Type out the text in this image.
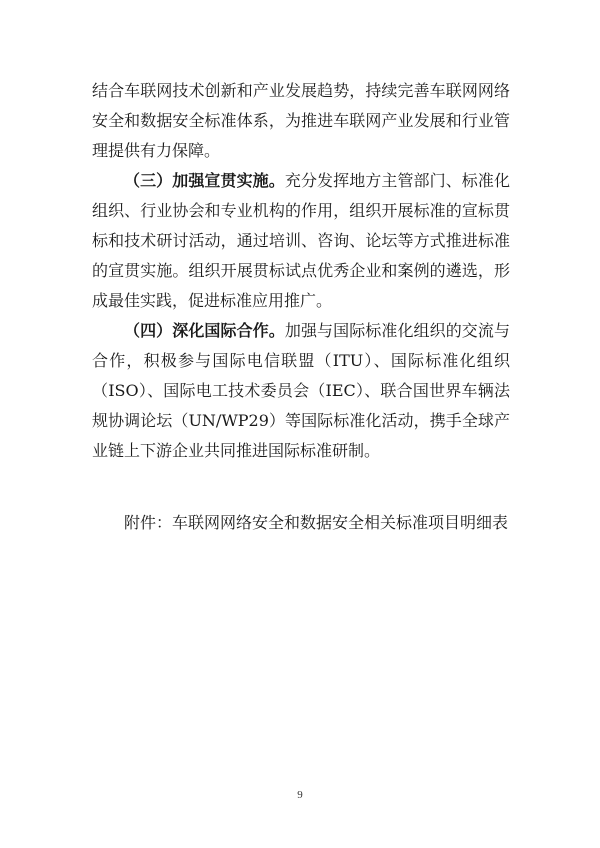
结合车联网技术创新和产业发展趋势，持续完善车联网网络安全和数据安全标准体系，为推进车联网产业发展和行业管理提供有力保障。

（三）加强宣贯实施。充分发挥地方主管部门、标准化组织、行业协会和专业机构的作用，组织开展标准的宣标贯标和技术研讨活动，通过培训、咨询、论坛等方式推进标准的宣贯实施。组织开展贯标试点优秀企业和案例的遴选，形成最佳实践，促进标准应用推广。

（四）深化国际合作。加强与国际标准化组织的交流与合作，积极参与国际电信联盟（ITU）、国际标准化组织（ISO）、国际电工技术委员会（IEC）、联合国世界车辆法规协调论坛（UN/WP29）等国际标准化活动，携手全球产业链上下游企业共同推进国际标准研制。

附件：车联网网络安全和数据安全相关标准项目明细表
9
